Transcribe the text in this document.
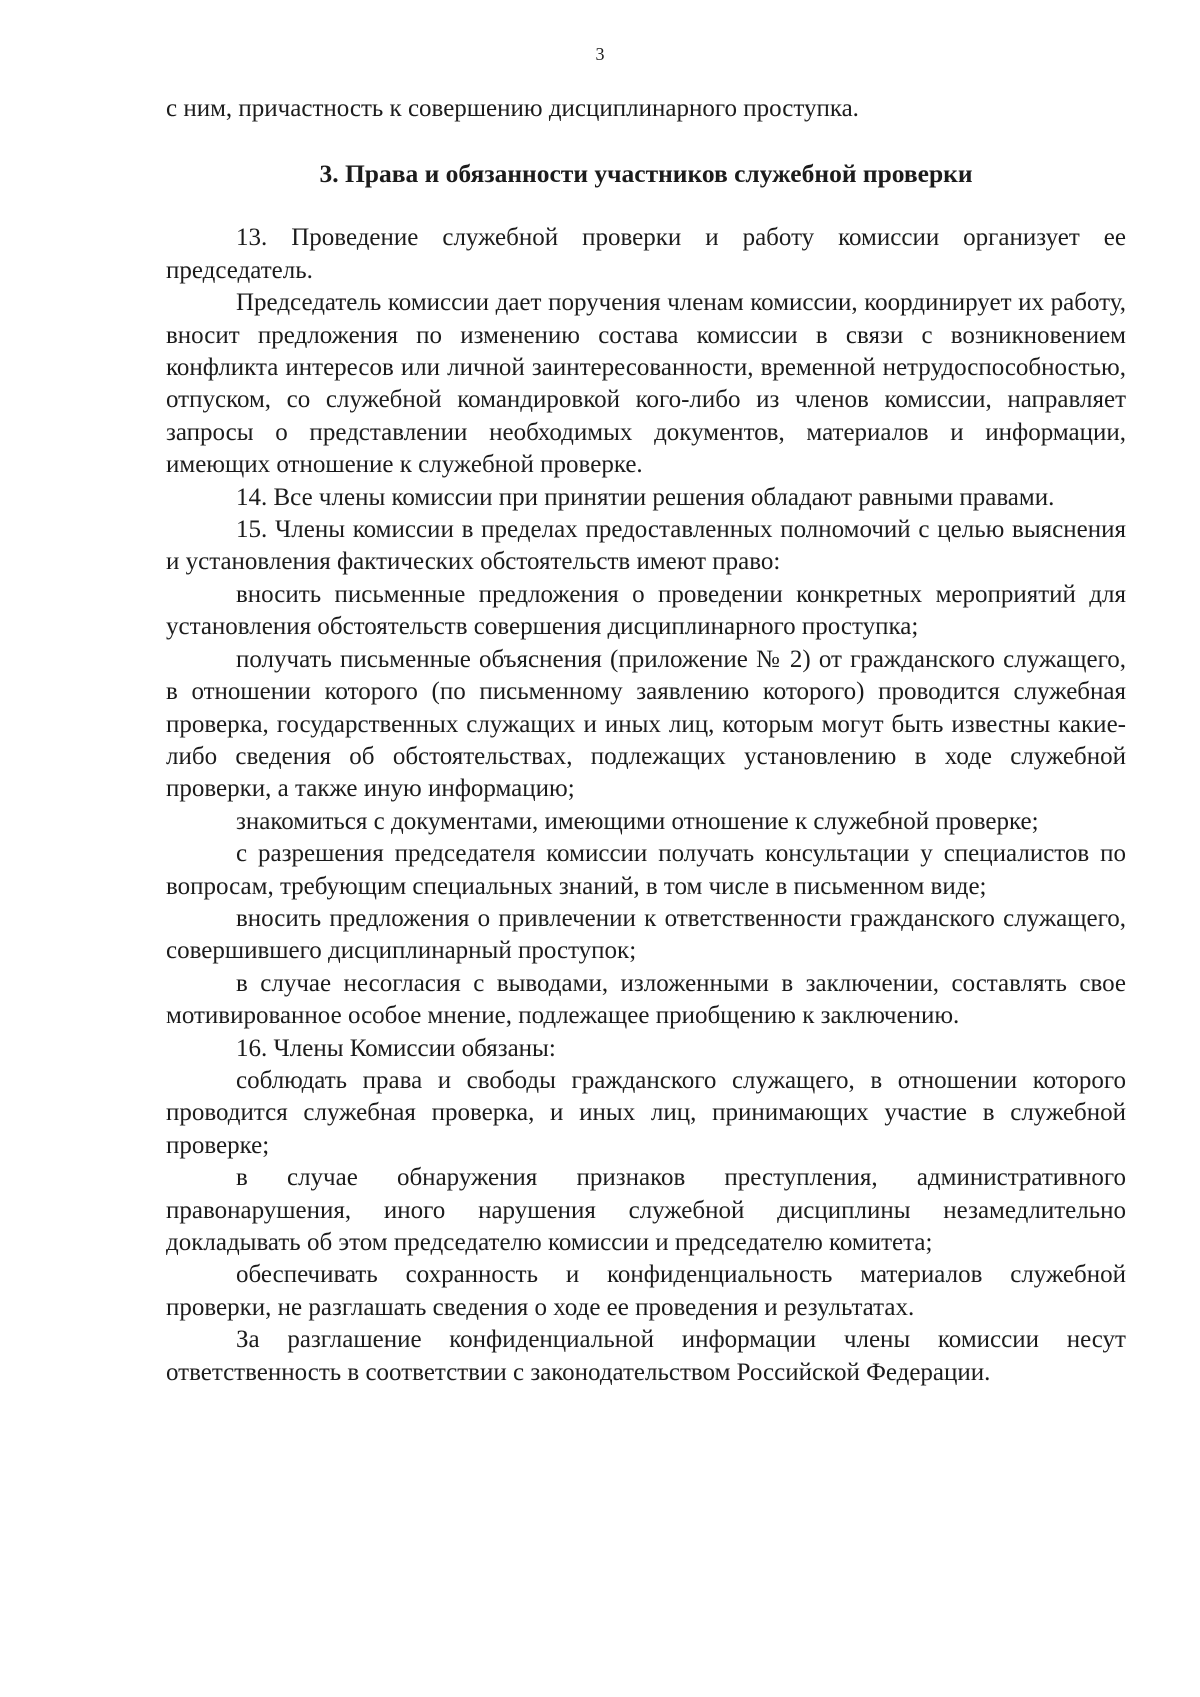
3

с ним, причастность к совершению дисциплинарного проступка.

3. Права и обязанности участников служебной проверки

13. Проведение служебной проверки и работу комиссии организует ее председатель.

Председатель комиссии дает поручения членам комиссии, координирует их работу, вносит предложения по изменению состава комиссии в связи с возникновением конфликта интересов или личной заинтересованности, временной нетрудоспособностью, отпуском, со служебной командировкой кого-либо из членов комиссии, направляет запросы о представлении необходимых документов, материалов и информации, имеющих отношение к служебной проверке.

14. Все члены комиссии при принятии решения обладают равными правами.

15. Члены комиссии в пределах предоставленных полномочий с целью выяснения и установления фактических обстоятельств имеют право:

вносить письменные предложения о проведении конкретных мероприятий для установления обстоятельств совершения дисциплинарного проступка;

получать письменные объяснения (приложение № 2) от гражданского служащего, в отношении которого (по письменному заявлению которого) проводится служебная проверка, государственных служащих и иных лиц, которым могут быть известны какие-либо сведения об обстоятельствах, подлежащих установлению в ходе служебной проверки, а также иную информацию;

знакомиться с документами, имеющими отношение к служебной проверке;

с разрешения председателя комиссии получать консультации у специалистов по вопросам, требующим специальных знаний, в том числе в письменном виде;

вносить предложения о привлечении к ответственности гражданского служащего, совершившего дисциплинарный проступок;

в случае несогласия с выводами, изложенными в заключении, составлять свое мотивированное особое мнение, подлежащее приобщению к заключению.

16. Члены Комиссии обязаны:

соблюдать права и свободы гражданского служащего, в отношении которого проводится служебная проверка, и иных лиц, принимающих участие в служебной проверке;

в случае обнаружения признаков преступления, административного правонарушения, иного нарушения служебной дисциплины незамедлительно докладывать об этом председателю комиссии и председателю комитета;

обеспечивать сохранность и конфиденциальность материалов служебной проверки, не разглашать сведения о ходе ее проведения и результатах.

За разглашение конфиденциальной информации члены комиссии несут ответственность в соответствии с законодательством Российской Федерации.
